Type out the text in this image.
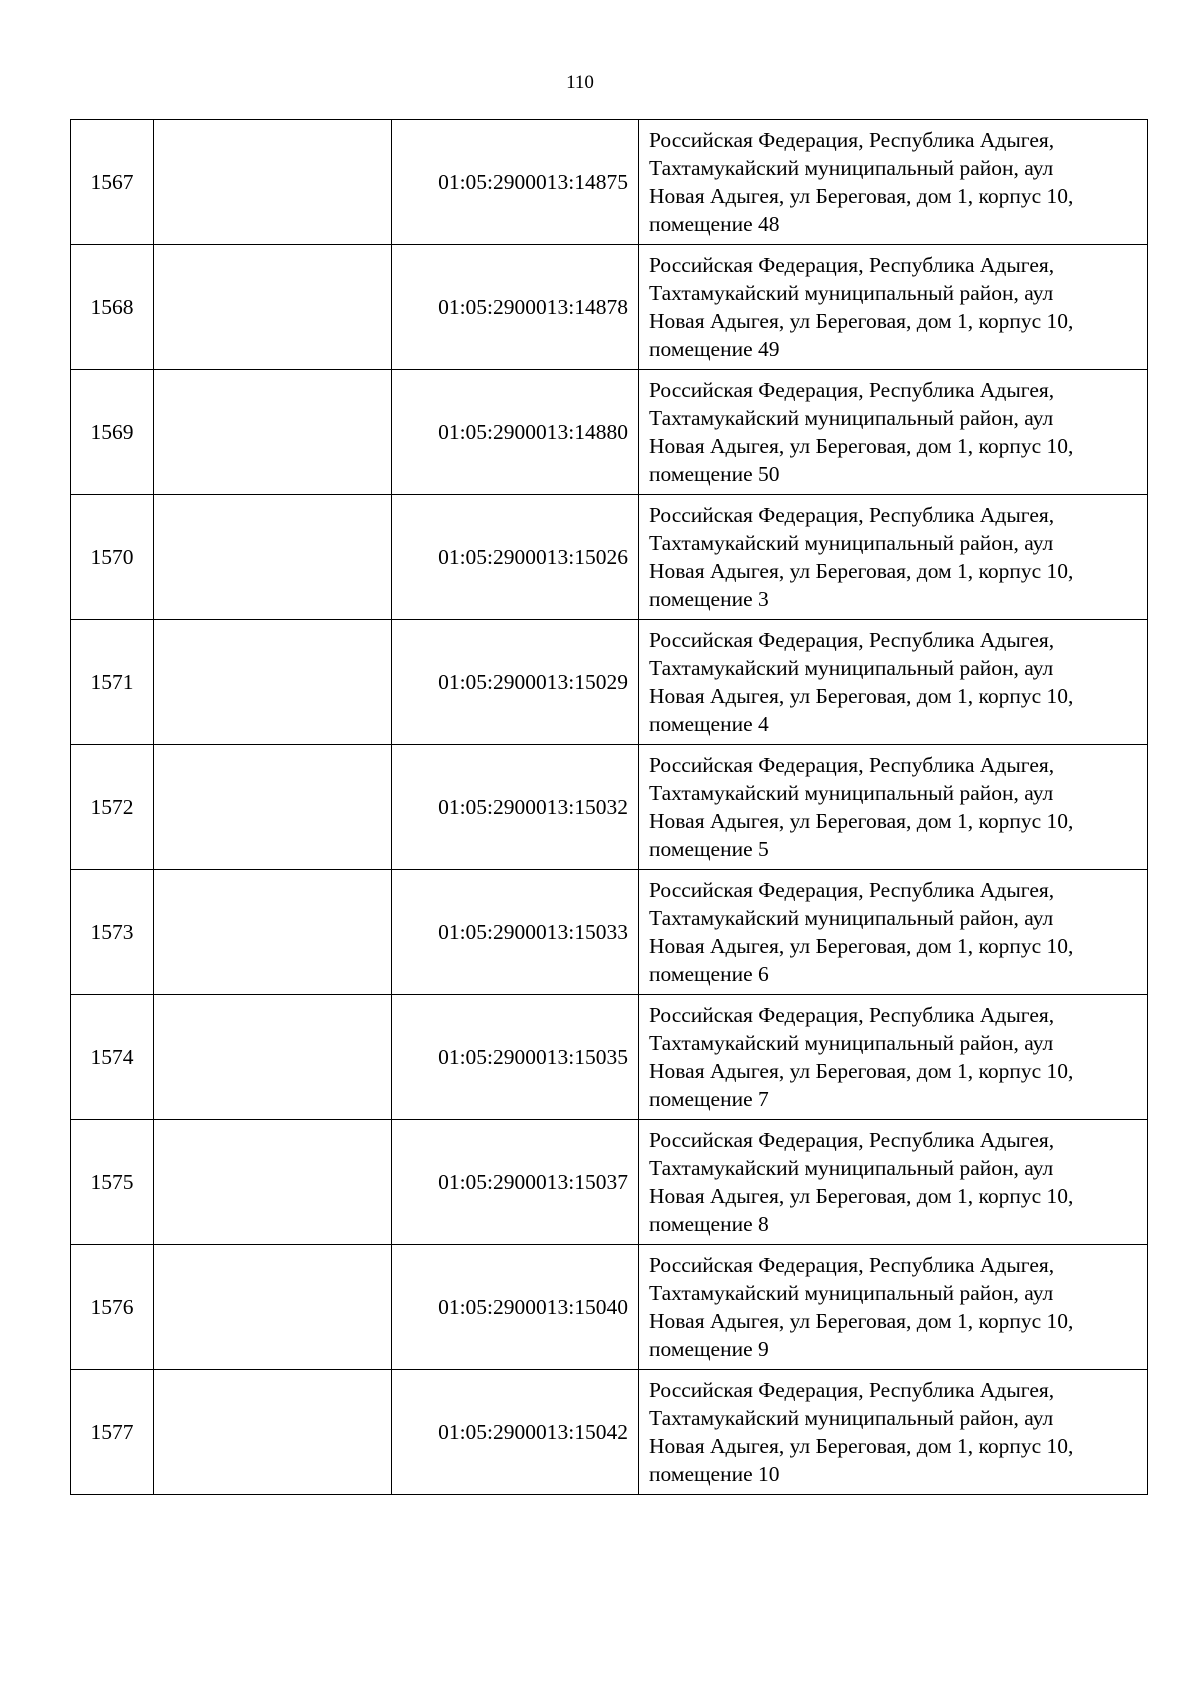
110
1567		01:05:2900013:14875	Российская Федерация, Республика Адыгея,
Тахтамукайский муниципальный район, аул
Новая Адыгея, ул Береговая, дом 1, корпус 10,
помещение 48

1568		01:05:2900013:14878	Российская Федерация, Республика Адыгея,
Тахтамукайский муниципальный район, аул
Новая Адыгея, ул Береговая, дом 1, корпус 10,
помещение 49

1569		01:05:2900013:14880	Российская Федерация, Республика Адыгея,
Тахтамукайский муниципальный район, аул
Новая Адыгея, ул Береговая, дом 1, корпус 10,
помещение 50

1570		01:05:2900013:15026	Российская Федерация, Республика Адыгея,
Тахтамукайский муниципальный район, аул
Новая Адыгея, ул Береговая, дом 1, корпус 10,
помещение 3

1571		01:05:2900013:15029	Российская Федерация, Республика Адыгея,
Тахтамукайский муниципальный район, аул
Новая Адыгея, ул Береговая, дом 1, корпус 10,
помещение 4

1572		01:05:2900013:15032	Российская Федерация, Республика Адыгея,
Тахтамукайский муниципальный район, аул
Новая Адыгея, ул Береговая, дом 1, корпус 10,
помещение 5

1573		01:05:2900013:15033	Российская Федерация, Республика Адыгея,
Тахтамукайский муниципальный район, аул
Новая Адыгея, ул Береговая, дом 1, корпус 10,
помещение 6

1574		01:05:2900013:15035	Российская Федерация, Республика Адыгея,
Тахтамукайский муниципальный район, аул
Новая Адыгея, ул Береговая, дом 1, корпус 10,
помещение 7

1575		01:05:2900013:15037	Российская Федерация, Республика Адыгея,
Тахтамукайский муниципальный район, аул
Новая Адыгея, ул Береговая, дом 1, корпус 10,
помещение 8

1576		01:05:2900013:15040	Российская Федерация, Республика Адыгея,
Тахтамукайский муниципальный район, аул
Новая Адыгея, ул Береговая, дом 1, корпус 10,
помещение 9

1577		01:05:2900013:15042	Российская Федерация, Республика Адыгея,
Тахтамукайский муниципальный район, аул
Новая Адыгея, ул Береговая, дом 1, корпус 10,
помещение 10
